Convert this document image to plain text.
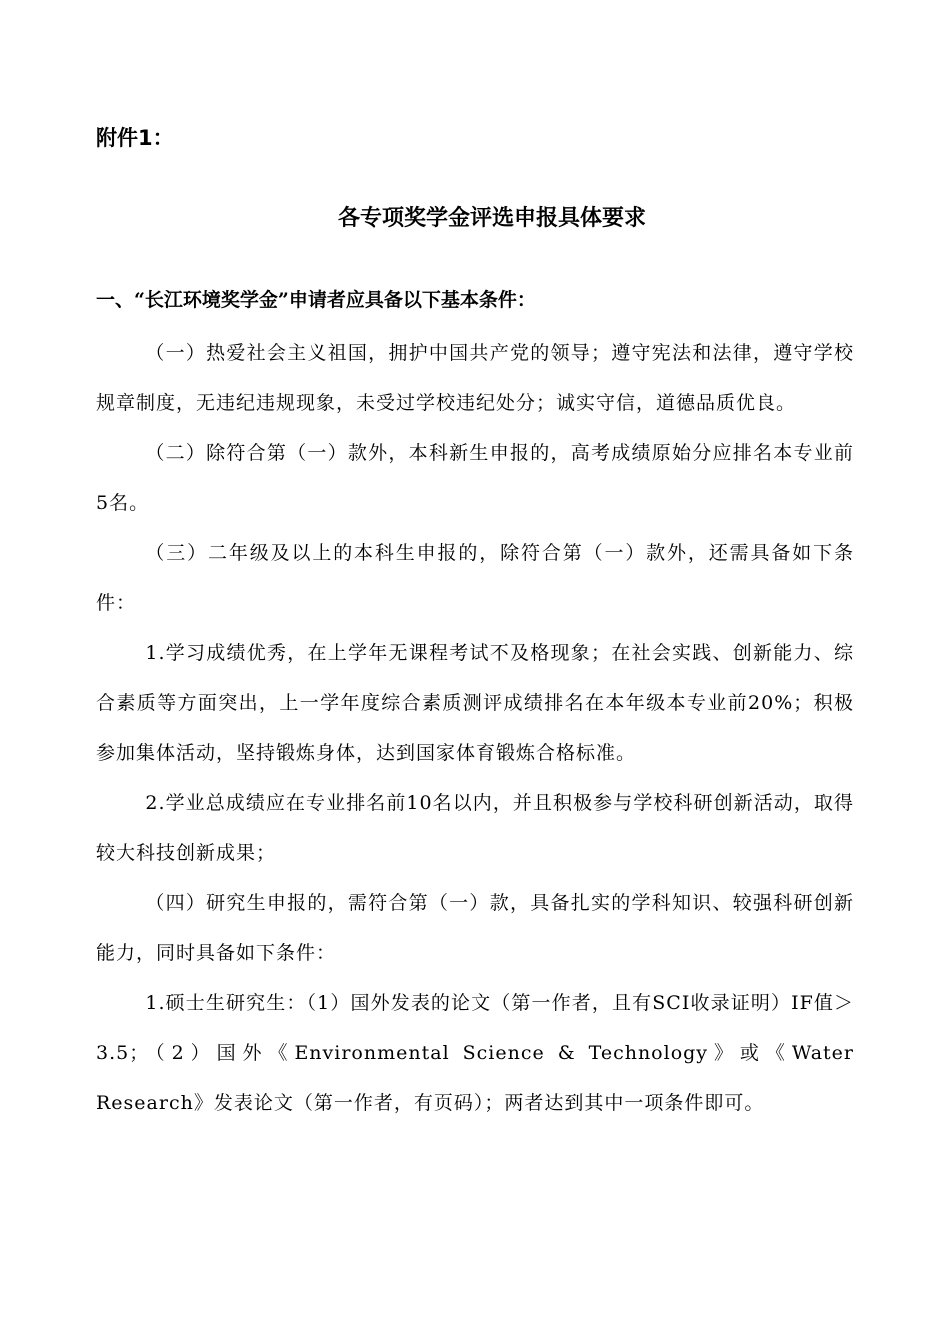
附件1：

各专项奖学金评选申报具体要求
一、“长江环境奖学金”申请者应具备以下基本条件：

（一）热爱社会主义祖国，拥护中国共产党的领导；遵守宪法和法律，遵守学校规章制度，无违纪违规现象，未受过学校违纪处分；诚实守信，道德品质优良。

（二）除符合第（一）款外，本科新生申报的，高考成绩原始分应排名本专业前5名。

（三）二年级及以上的本科生申报的，除符合第（一）款外，还需具备如下条件：

1.学习成绩优秀，在上学年无课程考试不及格现象；在社会实践、创新能力、综合素质等方面突出，上一学年度综合素质测评成绩排名在本年级本专业前20%；积极参加集体活动，坚持锻炼身体，达到国家体育锻炼合格标准。

2.学业总成绩应在专业排名前10名以内，并且积极参与学校科研创新活动，取得较大科技创新成果；

（四）研究生申报的，需符合第（一）款，具备扎实的学科知识、较强科研创新能力，同时具备如下条件：

1.硕士生研究生：（1）国外发表的论文（第一作者，且有SCI收录证明）IF值＞3.5；（2）国外《Environmental Science & Technology》或《Water Research》发表论文（第一作者，有页码）；两者达到其中一项条件即可。
